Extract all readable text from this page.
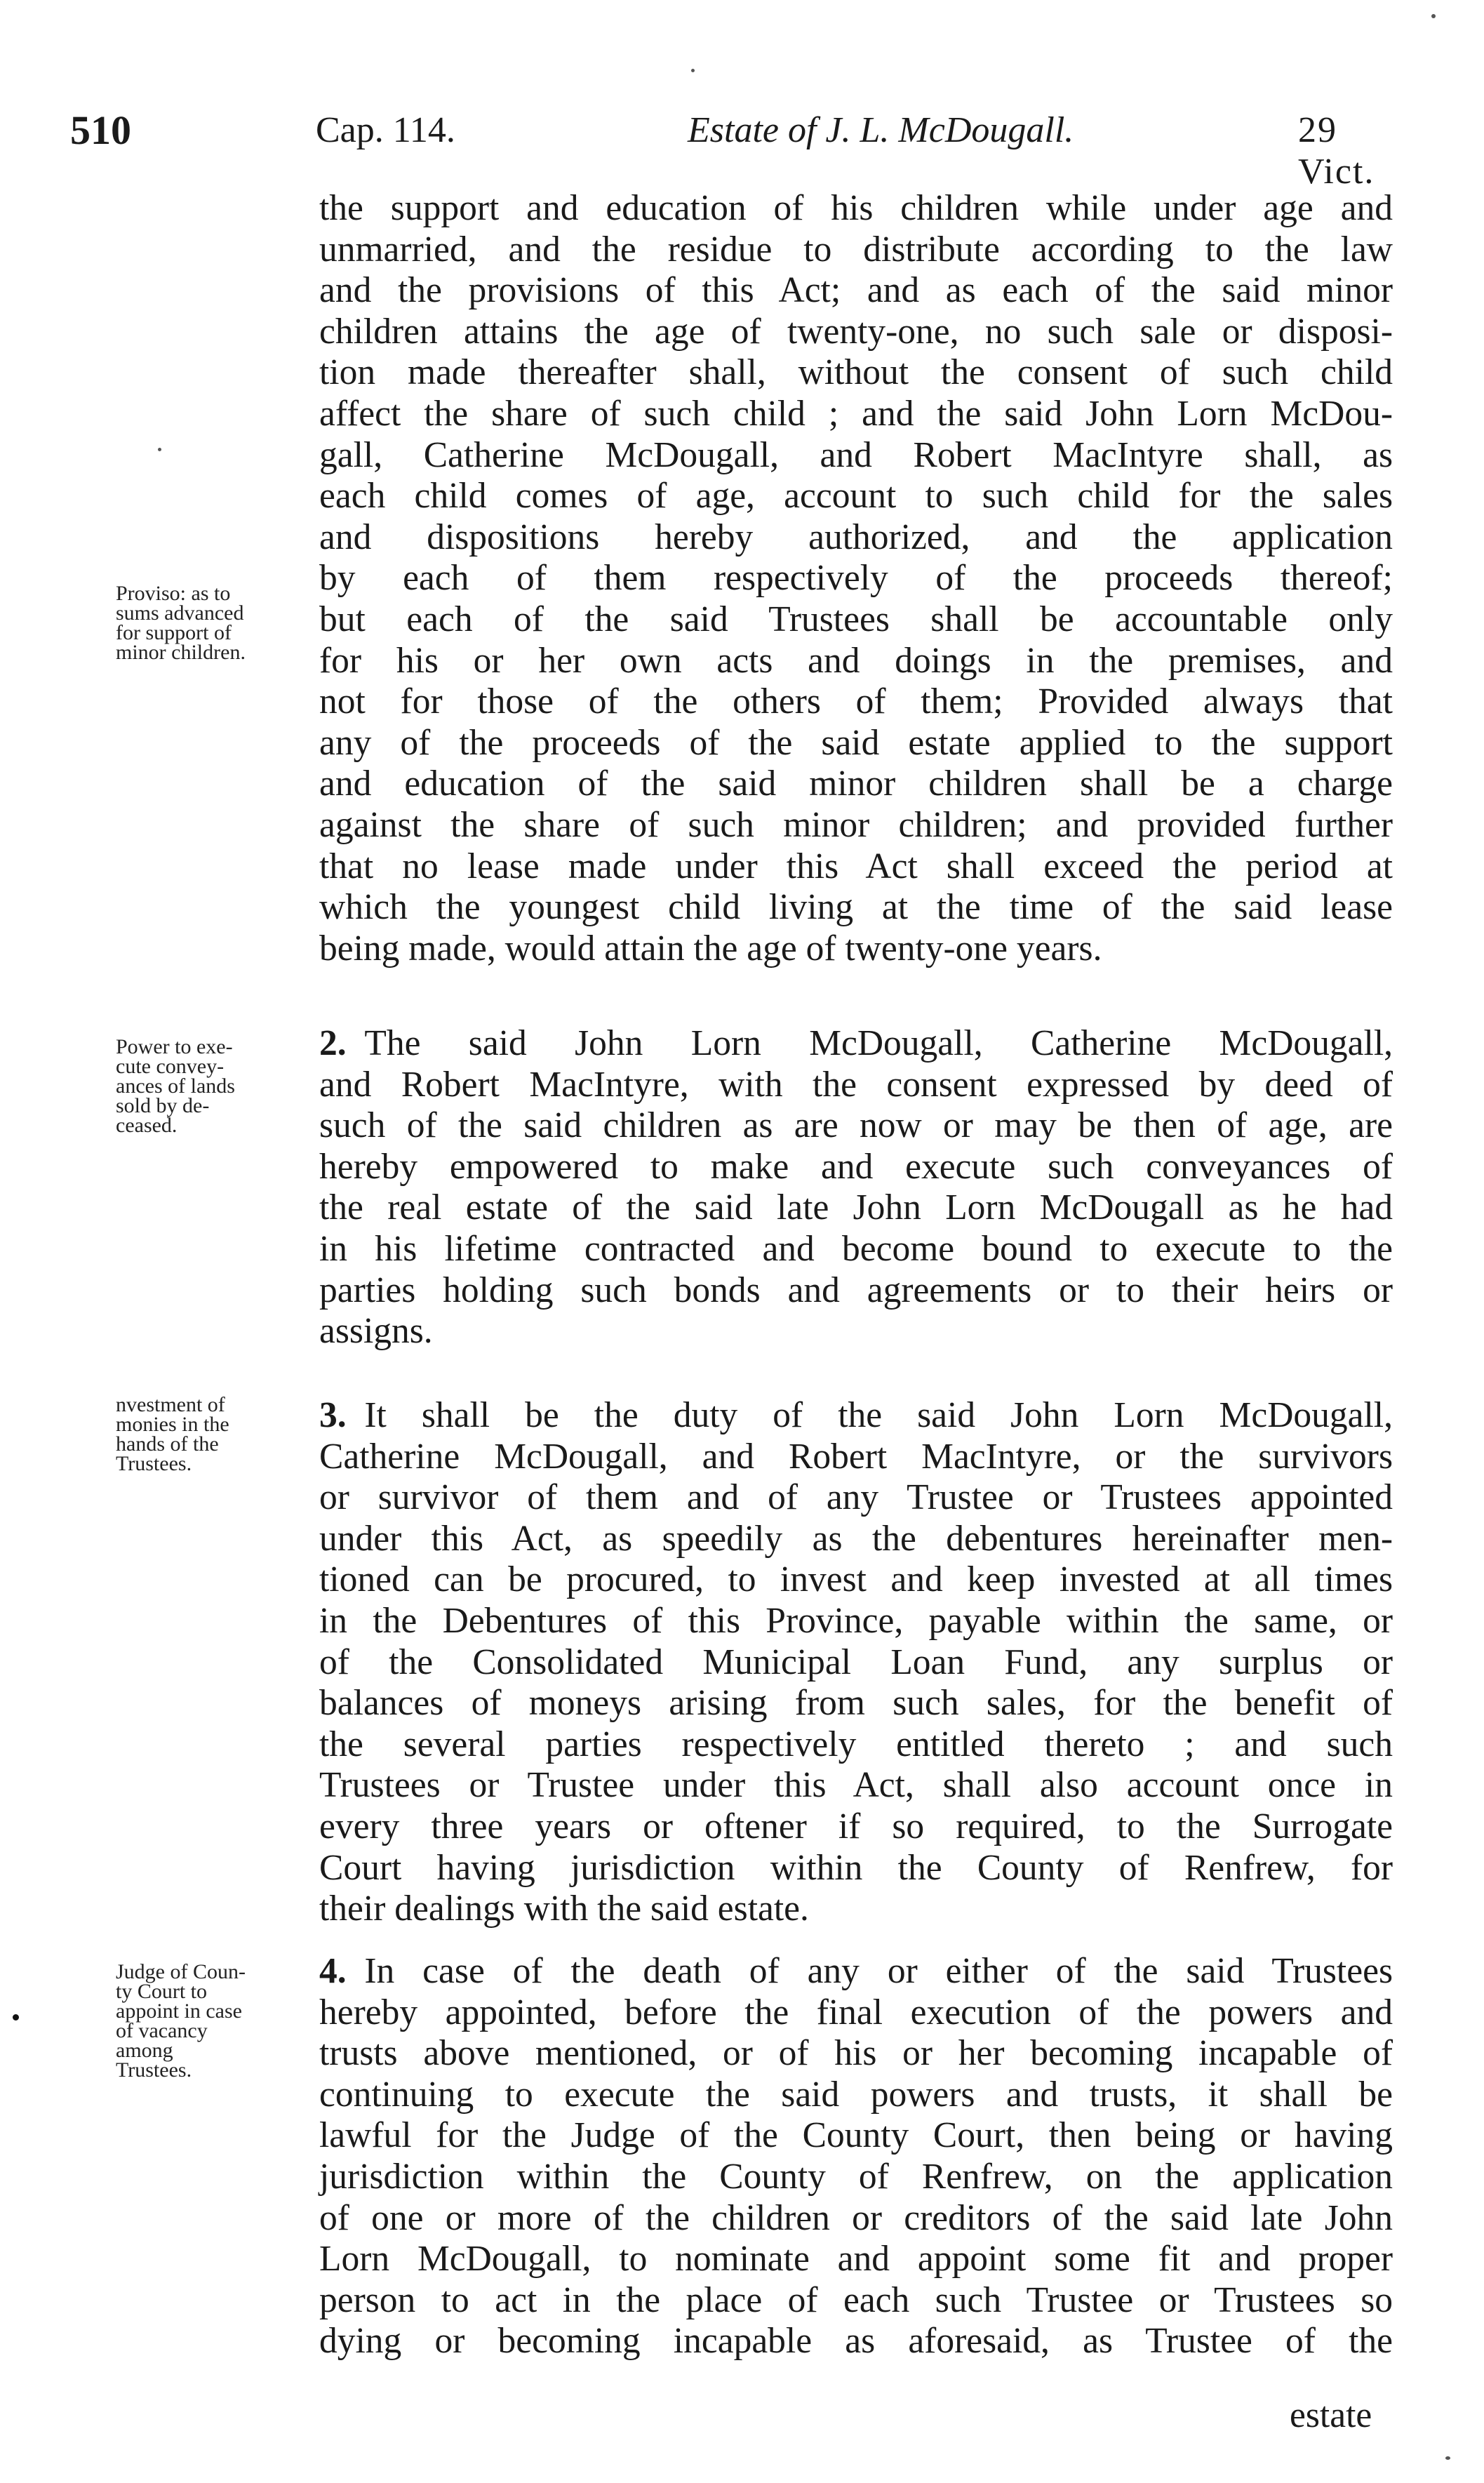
510	Cap. 114.	Estate of J. L. McDougall.	29 Vict.
the support and education of his children while under age and
unmarried, and the residue to distribute according to the law
and the provisions of this Act; and as each of the said minor
children attains the age of twenty-one, no such sale or disposi-
tion made thereafter shall, without the consent of such child
affect the share of such child ; and the said John Lorn McDou-
gall, Catherine McDougall, and Robert MacIntyre shall, as
each child comes of age, account to such child for the sales
and dispositions hereby authorized, and the application
by each of them respectively of the proceeds thereof;
but each of the said Trustees shall be accountable only
for his or her own acts and doings in the premises, and
not for those of the others of them; Provided always that
any of the proceeds of the said estate applied to the support
and education of the said minor children shall be a charge
against the share of such minor children; and provided further
that no lease made under this Act shall exceed the period at
which the youngest child living at the time of the said lease
being made, would attain the age of twenty-one years.
2.  The said John Lorn McDougall, Catherine McDougall,
and Robert MacIntyre, with the consent expressed by deed of
such of the said children as are now or may be then of age, are
hereby empowered to make and execute such conveyances of
the real estate of the said late John Lorn McDougall as he had
in his lifetime contracted and become bound to execute to the
parties holding such bonds and agreements or to their heirs or
assigns.
3.  It shall be the duty of the said John Lorn McDougall,
Catherine McDougall, and Robert MacIntyre, or the survivors
or survivor of them and of any Trustee or Trustees appointed
under this Act, as speedily as the debentures hereinafter men-
tioned can be procured, to invest and keep invested at all times
in the Debentures of this Province, payable within the same, or
of the Consolidated Municipal Loan Fund, any surplus or
balances of moneys arising from such sales, for the benefit of
the several parties respectively entitled thereto ; and such
Trustees or Trustee under this Act, shall also account once in
every three years or oftener if so required, to the Surrogate
Court having jurisdiction within the County of Renfrew, for
their dealings with the said estate.
4.  In case of the death of any or either of the said Trustees
hereby appointed, before the final execution of the powers and
trusts above mentioned, or of his or her becoming incapable of
continuing to execute the said powers and trusts, it shall be
lawful for the Judge of the County Court, then being or having
jurisdiction within the County of Renfrew, on the application
of one or more of the children or creditors of the said late John
Lorn McDougall, to nominate and appoint some fit and proper
person to act in the place of each such Trustee or Trustees so
dying or becoming incapable as aforesaid, as Trustee of the
estate
Proviso: as to
sums advanced
for support of
minor children.
Power to exe-
cute convey-
ances of lands
sold by de-
ceased.
nvestment of
monies in the
hands of the
Trustees.
Judge of Coun-
ty Court to
appoint in case
of vacancy
among
Trustees.
